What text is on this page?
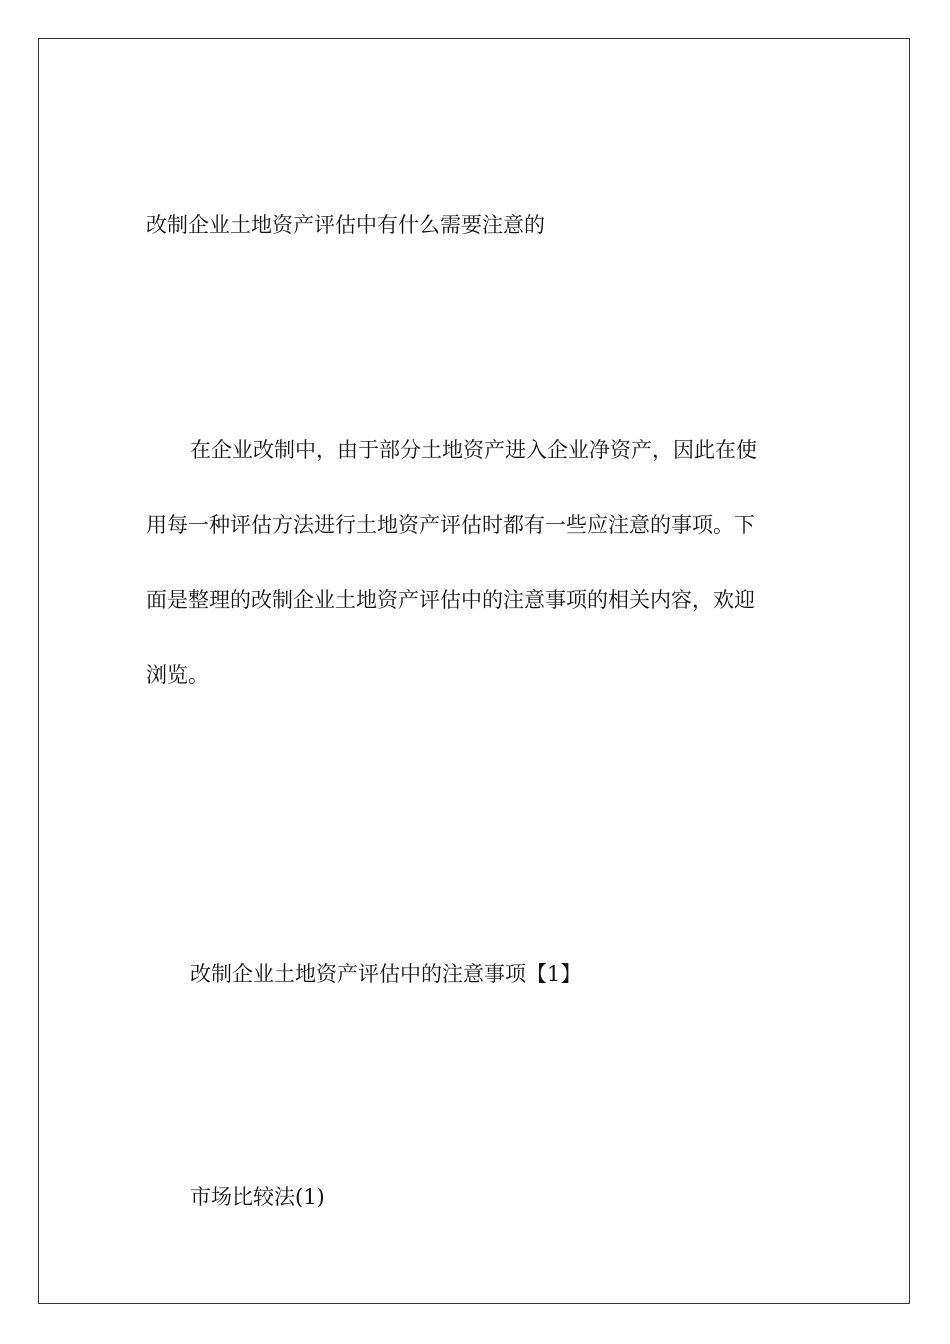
改制企业土地资产评估中有什么需要注意的
在企业改制中，由于部分土地资产进入企业净资产，因此在使
用每一种评估方法进行土地资产评估时都有一些应注意的事项。下
面是整理的改制企业土地资产评估中的注意事项的相关内容，欢迎
浏览。
改制企业土地资产评估中的注意事项【1】
市场比较法(1)
